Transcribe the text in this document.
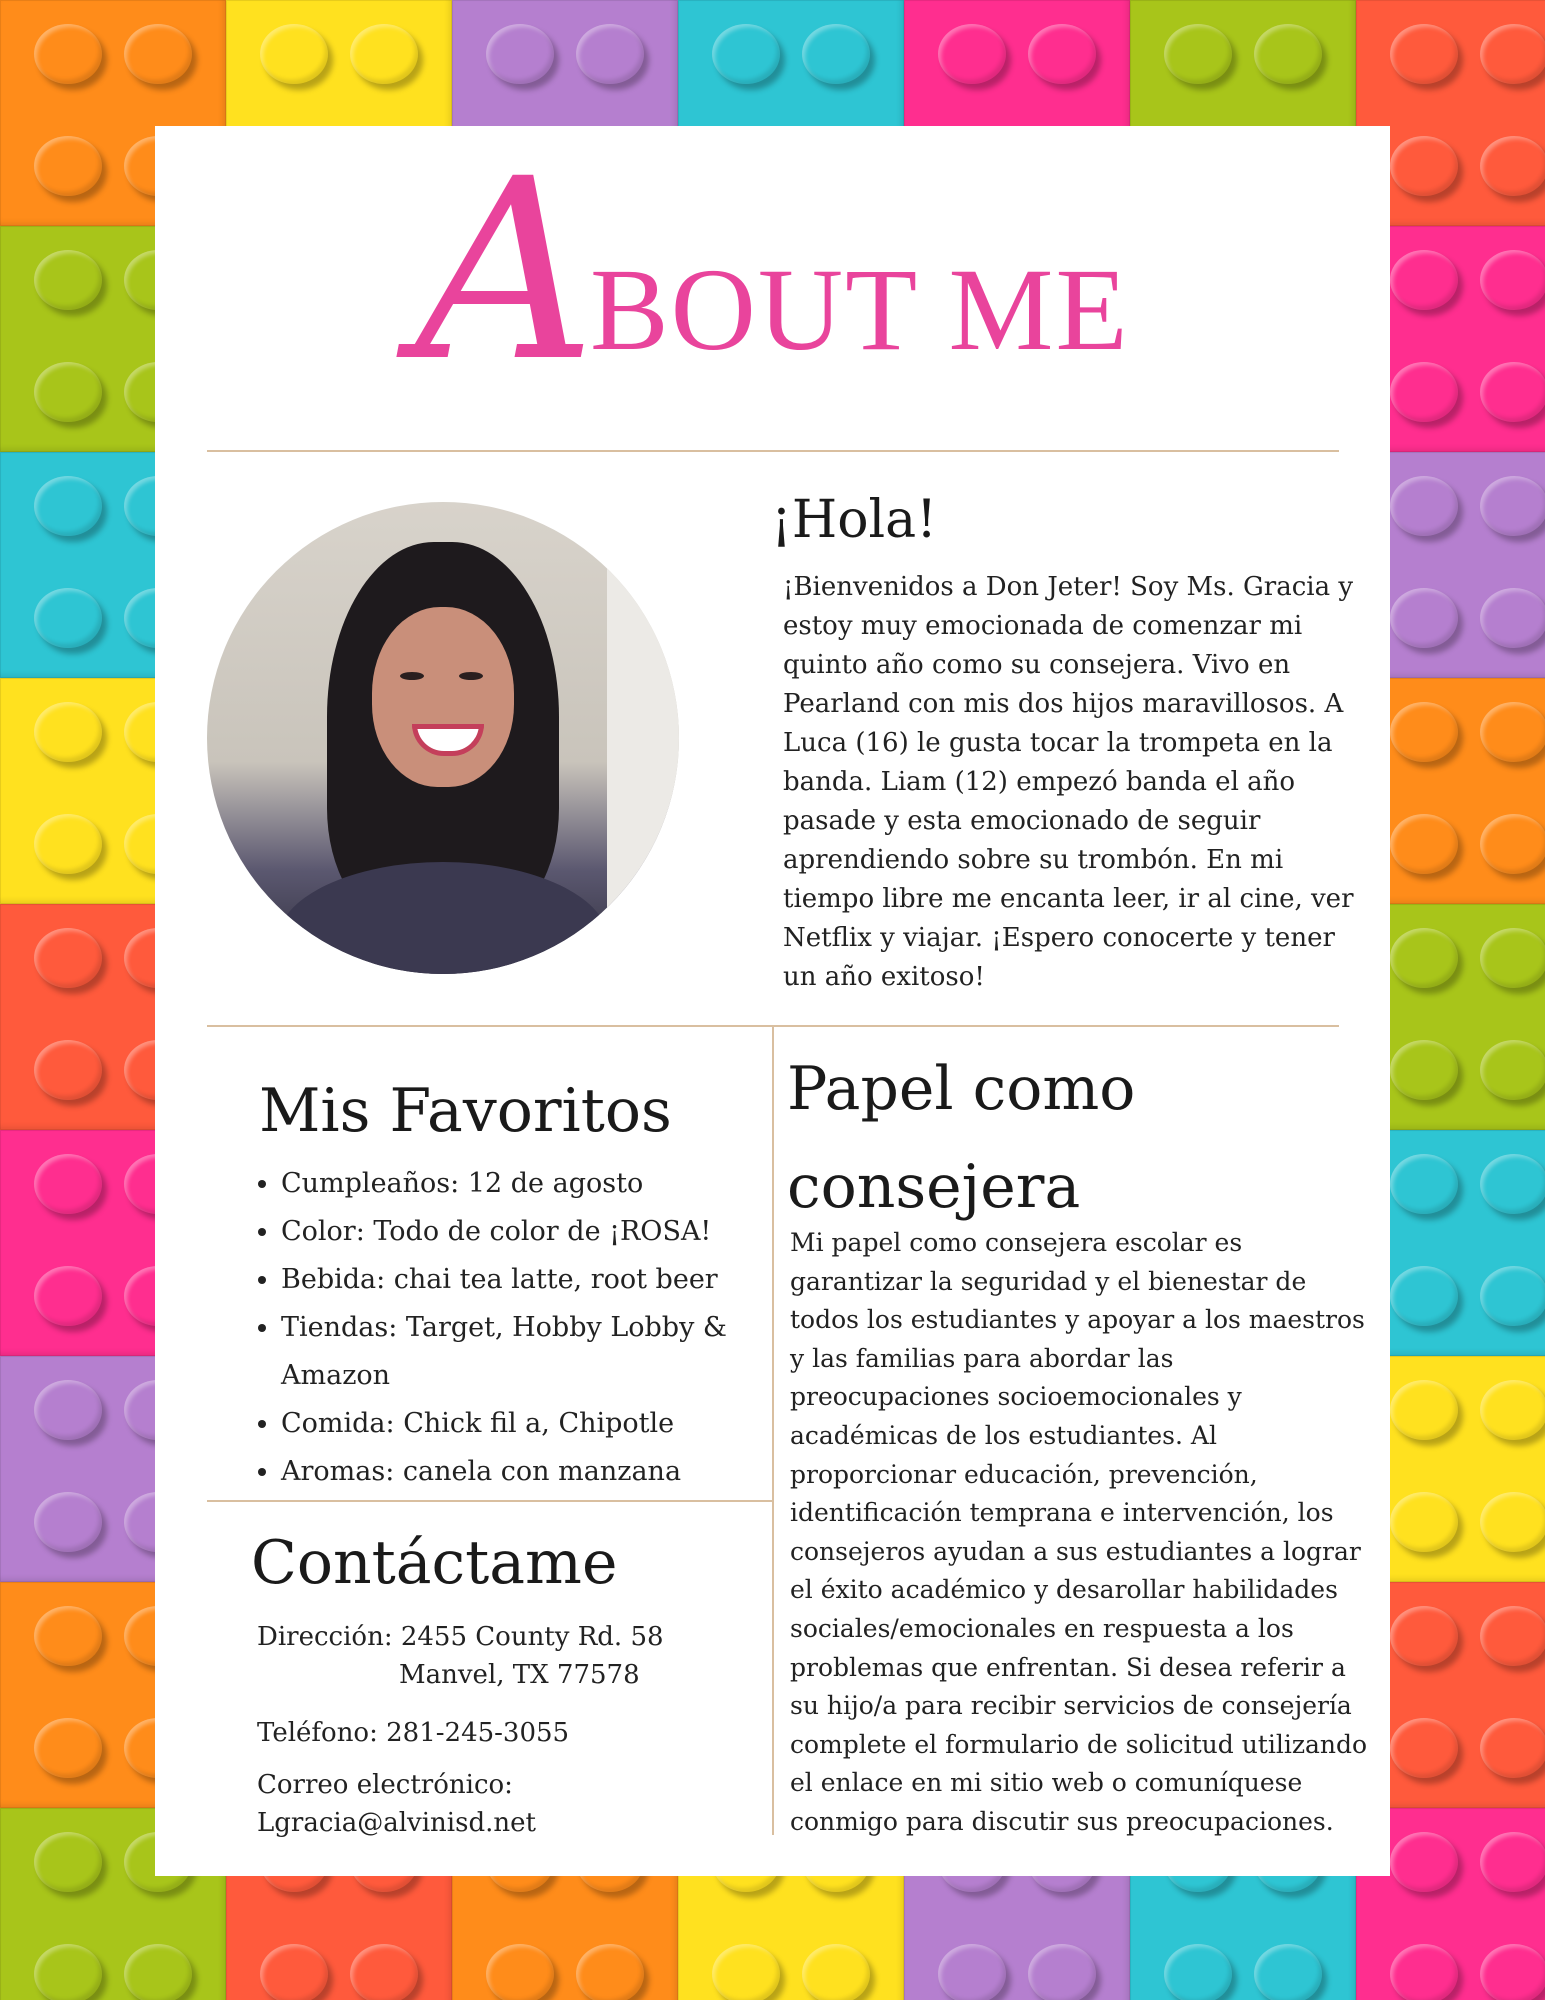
ABOUT ME
¡Hola!
¡Bienvenidos a Don Jeter! Soy Ms. Gracia y estoy muy emocionada de comenzar mi quinto año como su consejera. Vivo en Pearland con mis dos hijos maravillosos. A Luca (16) le gusta tocar la trompeta en la banda. Liam (12) empezó banda el año pasade y esta emocionado de seguir aprendiendo sobre su trombón. En mi tiempo libre me encanta leer, ir al cine, ver Netflix y viajar. ¡Espero conocerte y tener un año exitoso!
Mis Favoritos
• Cumpleaños: 12 de agosto
• Color: Todo de color de ¡ROSA!
• Bebida: chai tea latte, root beer
• Tiendas: Target, Hobby Lobby & Amazon
• Comida: Chick fil a, Chipotle
• Aromas: canela con manzana
Papel como consejera
Mi papel como consejera escolar es garantizar la seguridad y el bienestar de todos los estudiantes y apoyar a los maestros y las familias para abordar las preocupaciones socioemocionales y académicas de los estudiantes. Al proporcionar educación, prevención, identificación temprana e intervención, los consejeros ayudan a sus estudiantes a lograr el éxito académico y desarollar habilidades sociales/emocionales en respuesta a los problemas que enfrentan. Si desea referir a su hijo/a para recibir servicios de consejería complete el formulario de solicitud utilizando el enlace en mi sitio web o comuníquese conmigo para discutir sus preocupaciones.
Contáctame
Dirección: 2455 County Rd. 58
Manvel, TX 77578
Teléfono: 281-245-3055
Correo electrónico:
Lgracia@alvinisd.net
